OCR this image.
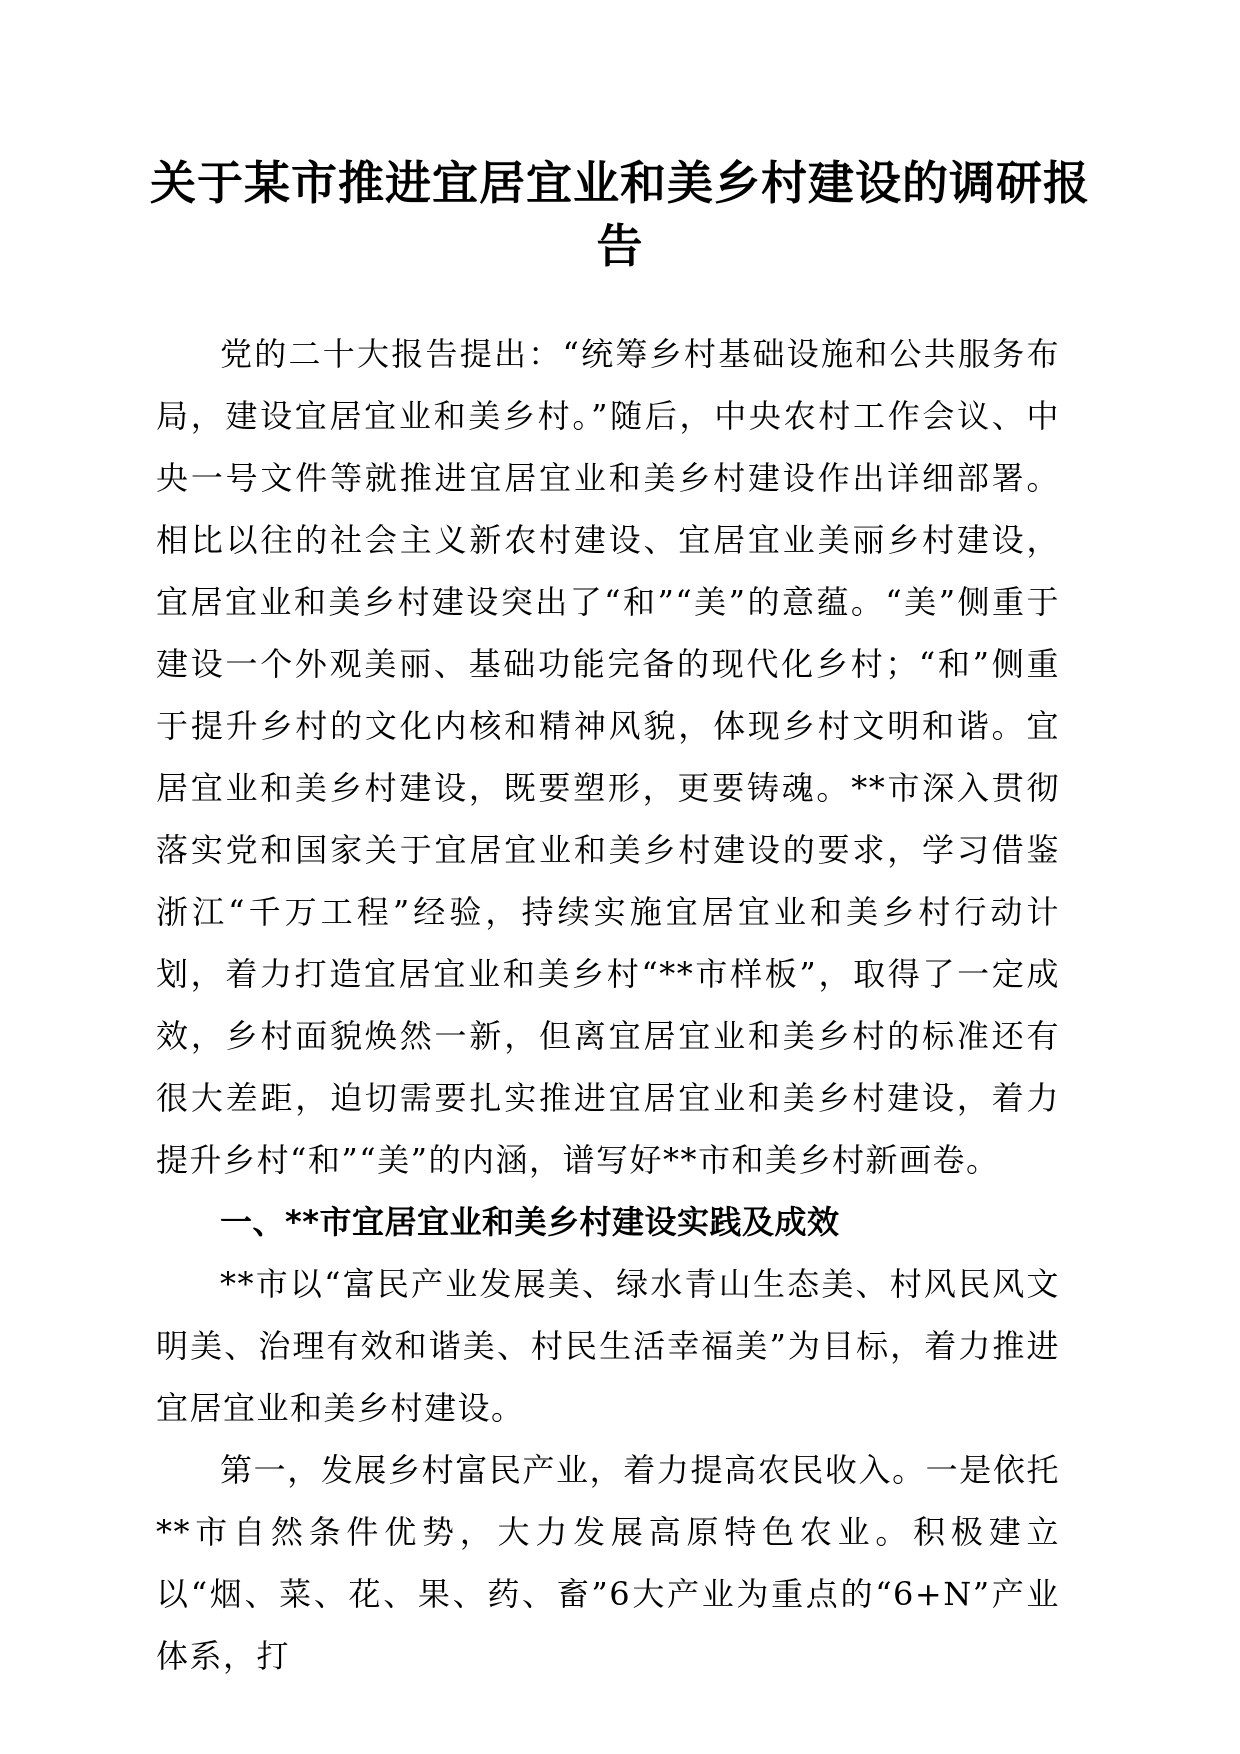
关于某市推进宜居宜业和美乡村建设的调研报告

党的二十大报告提出：“统筹乡村基础设施和公共服务布局，建设宜居宜业和美乡村。”随后，中央农村工作会议、中央一号文件等就推进宜居宜业和美乡村建设作出详细部署。相比以往的社会主义新农村建设、宜居宜业美丽乡村建设，宜居宜业和美乡村建设突出了“和”“美”的意蕴。“美”侧重于建设一个外观美丽、基础功能完备的现代化乡村；“和”侧重于提升乡村的文化内核和精神风貌，体现乡村文明和谐。宜居宜业和美乡村建设，既要塑形，更要铸魂。**市深入贯彻落实党和国家关于宜居宜业和美乡村建设的要求，学习借鉴浙江“千万工程”经验，持续实施宜居宜业和美乡村行动计划，着力打造宜居宜业和美乡村“**市样板”，取得了一定成效，乡村面貌焕然一新，但离宜居宜业和美乡村的标准还有很大差距，迫切需要扎实推进宜居宜业和美乡村建设，着力提升乡村“和”“美”的内涵，谱写好**市和美乡村新画卷。

一、**市宜居宜业和美乡村建设实践及成效

**市以“富民产业发展美、绿水青山生态美、村风民风文明美、治理有效和谐美、村民生活幸福美”为目标，着力推进宜居宜业和美乡村建设。

第一，发展乡村富民产业，着力提高农民收入。一是依托**市自然条件优势，大力发展高原特色农业。积极建立以“烟、菜、花、果、药、畜”6大产业为重点的“6+N”产业体系，打
